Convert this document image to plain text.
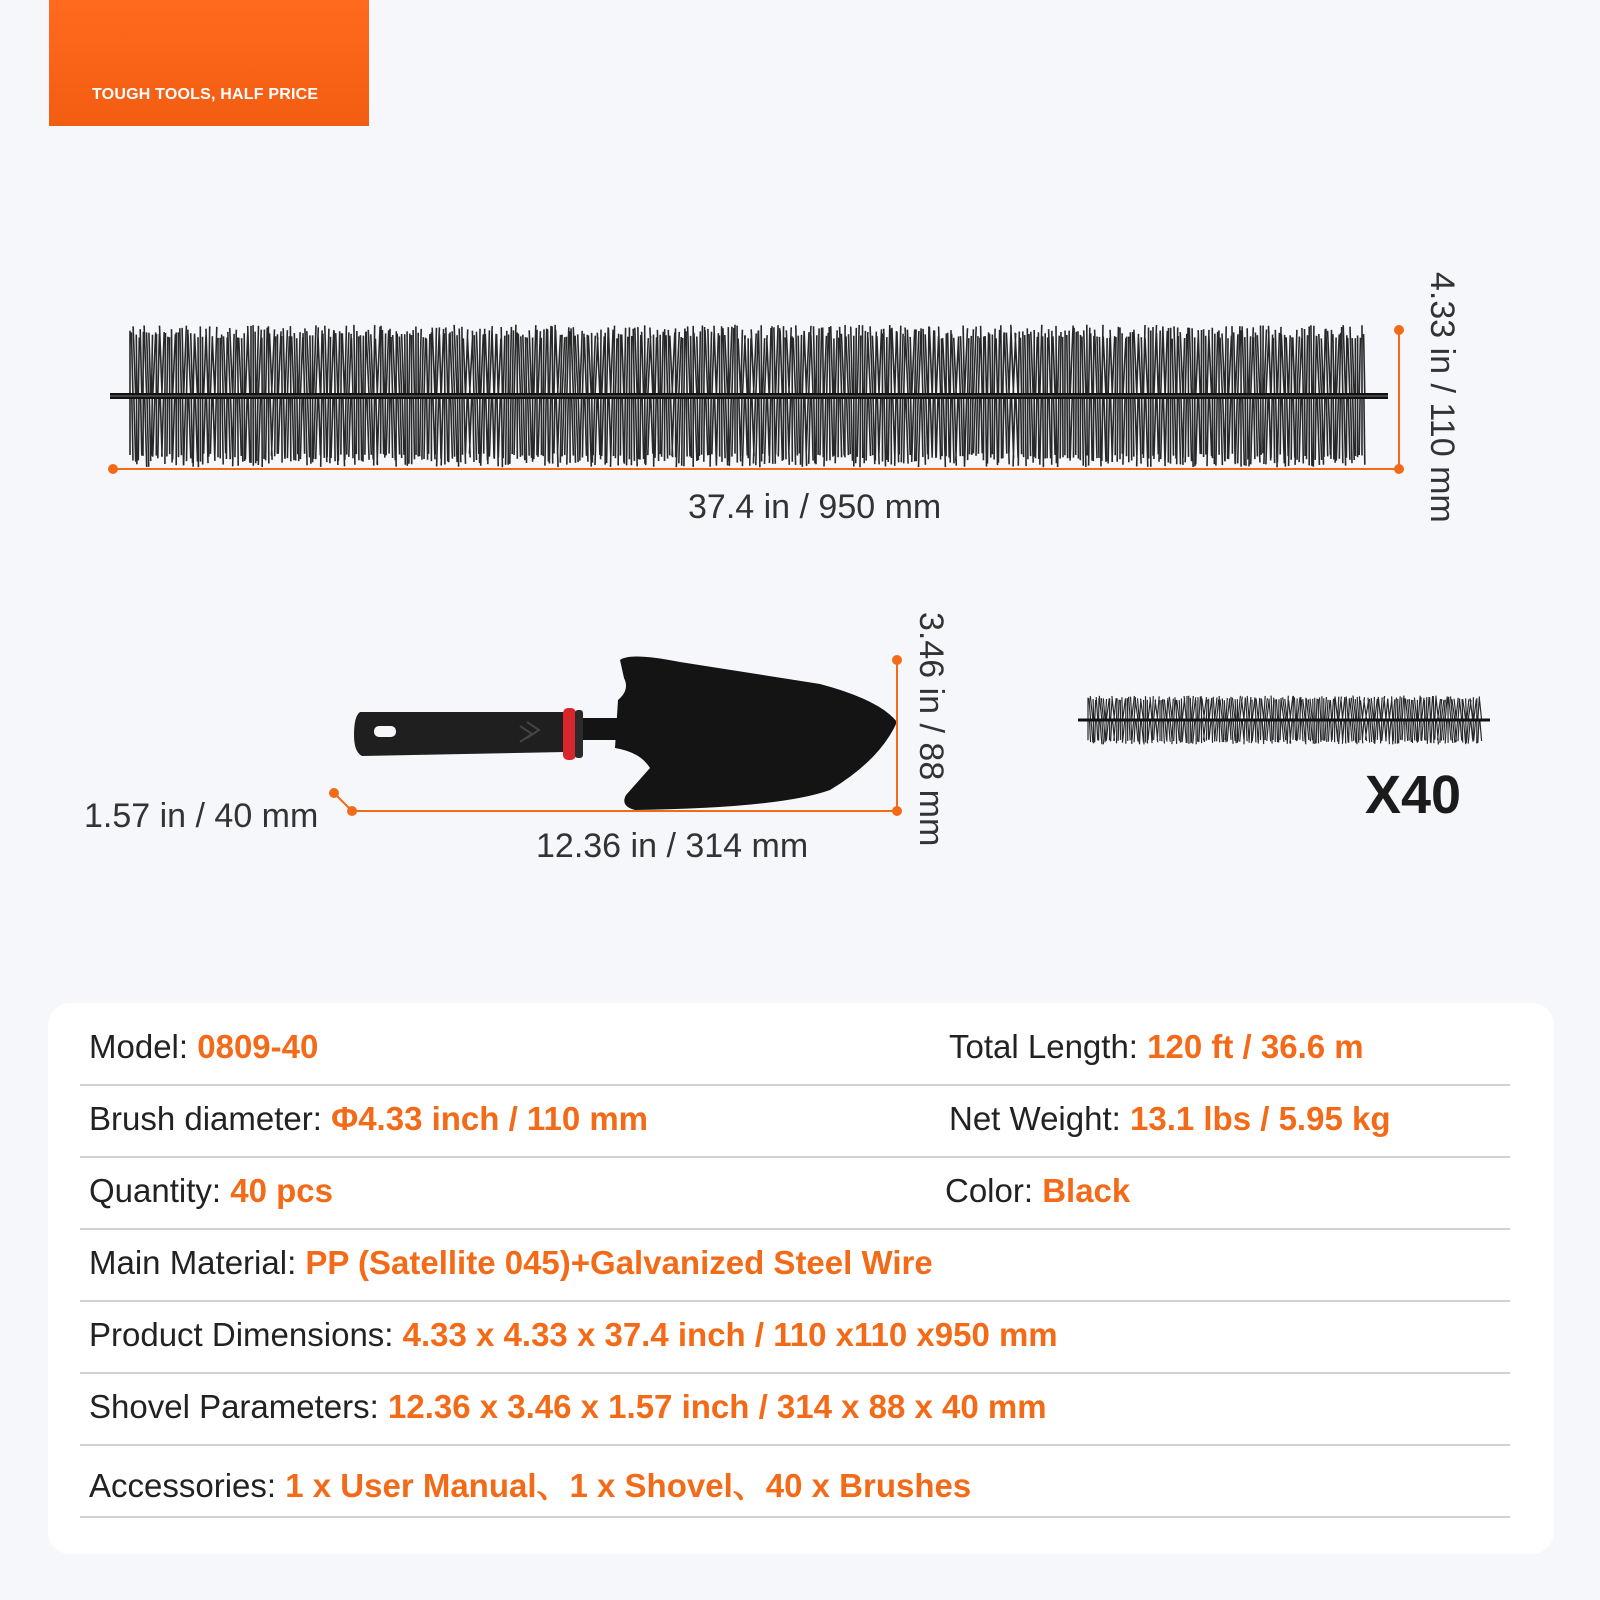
TOUGH TOOLS, HALF PRICE
37.4 in / 950 mm	4.33 in / 110 mm
1.57 in / 40 mm
12.36 in / 314 mm	3.46 in / 88 mm	X40
Model: 0809-40	Total Length: 120 ft / 36.6 m
Brush diameter: Φ4.33 inch / 110 mm	Net Weight: 13.1 lbs / 5.95 kg
Quantity: 40 pcs	Color: Black
Main Material: PP (Satellite 045)+Galvanized Steel Wire
Product Dimensions: 4.33 x 4.33 x 37.4 inch / 110 x110 x950 mm
Shovel Parameters: 12.36 x 3.46 x 1.57 inch / 314 x 88 x 40 mm
Accessories: 1 x User Manual、1 x Shovel、40 x Brushes
